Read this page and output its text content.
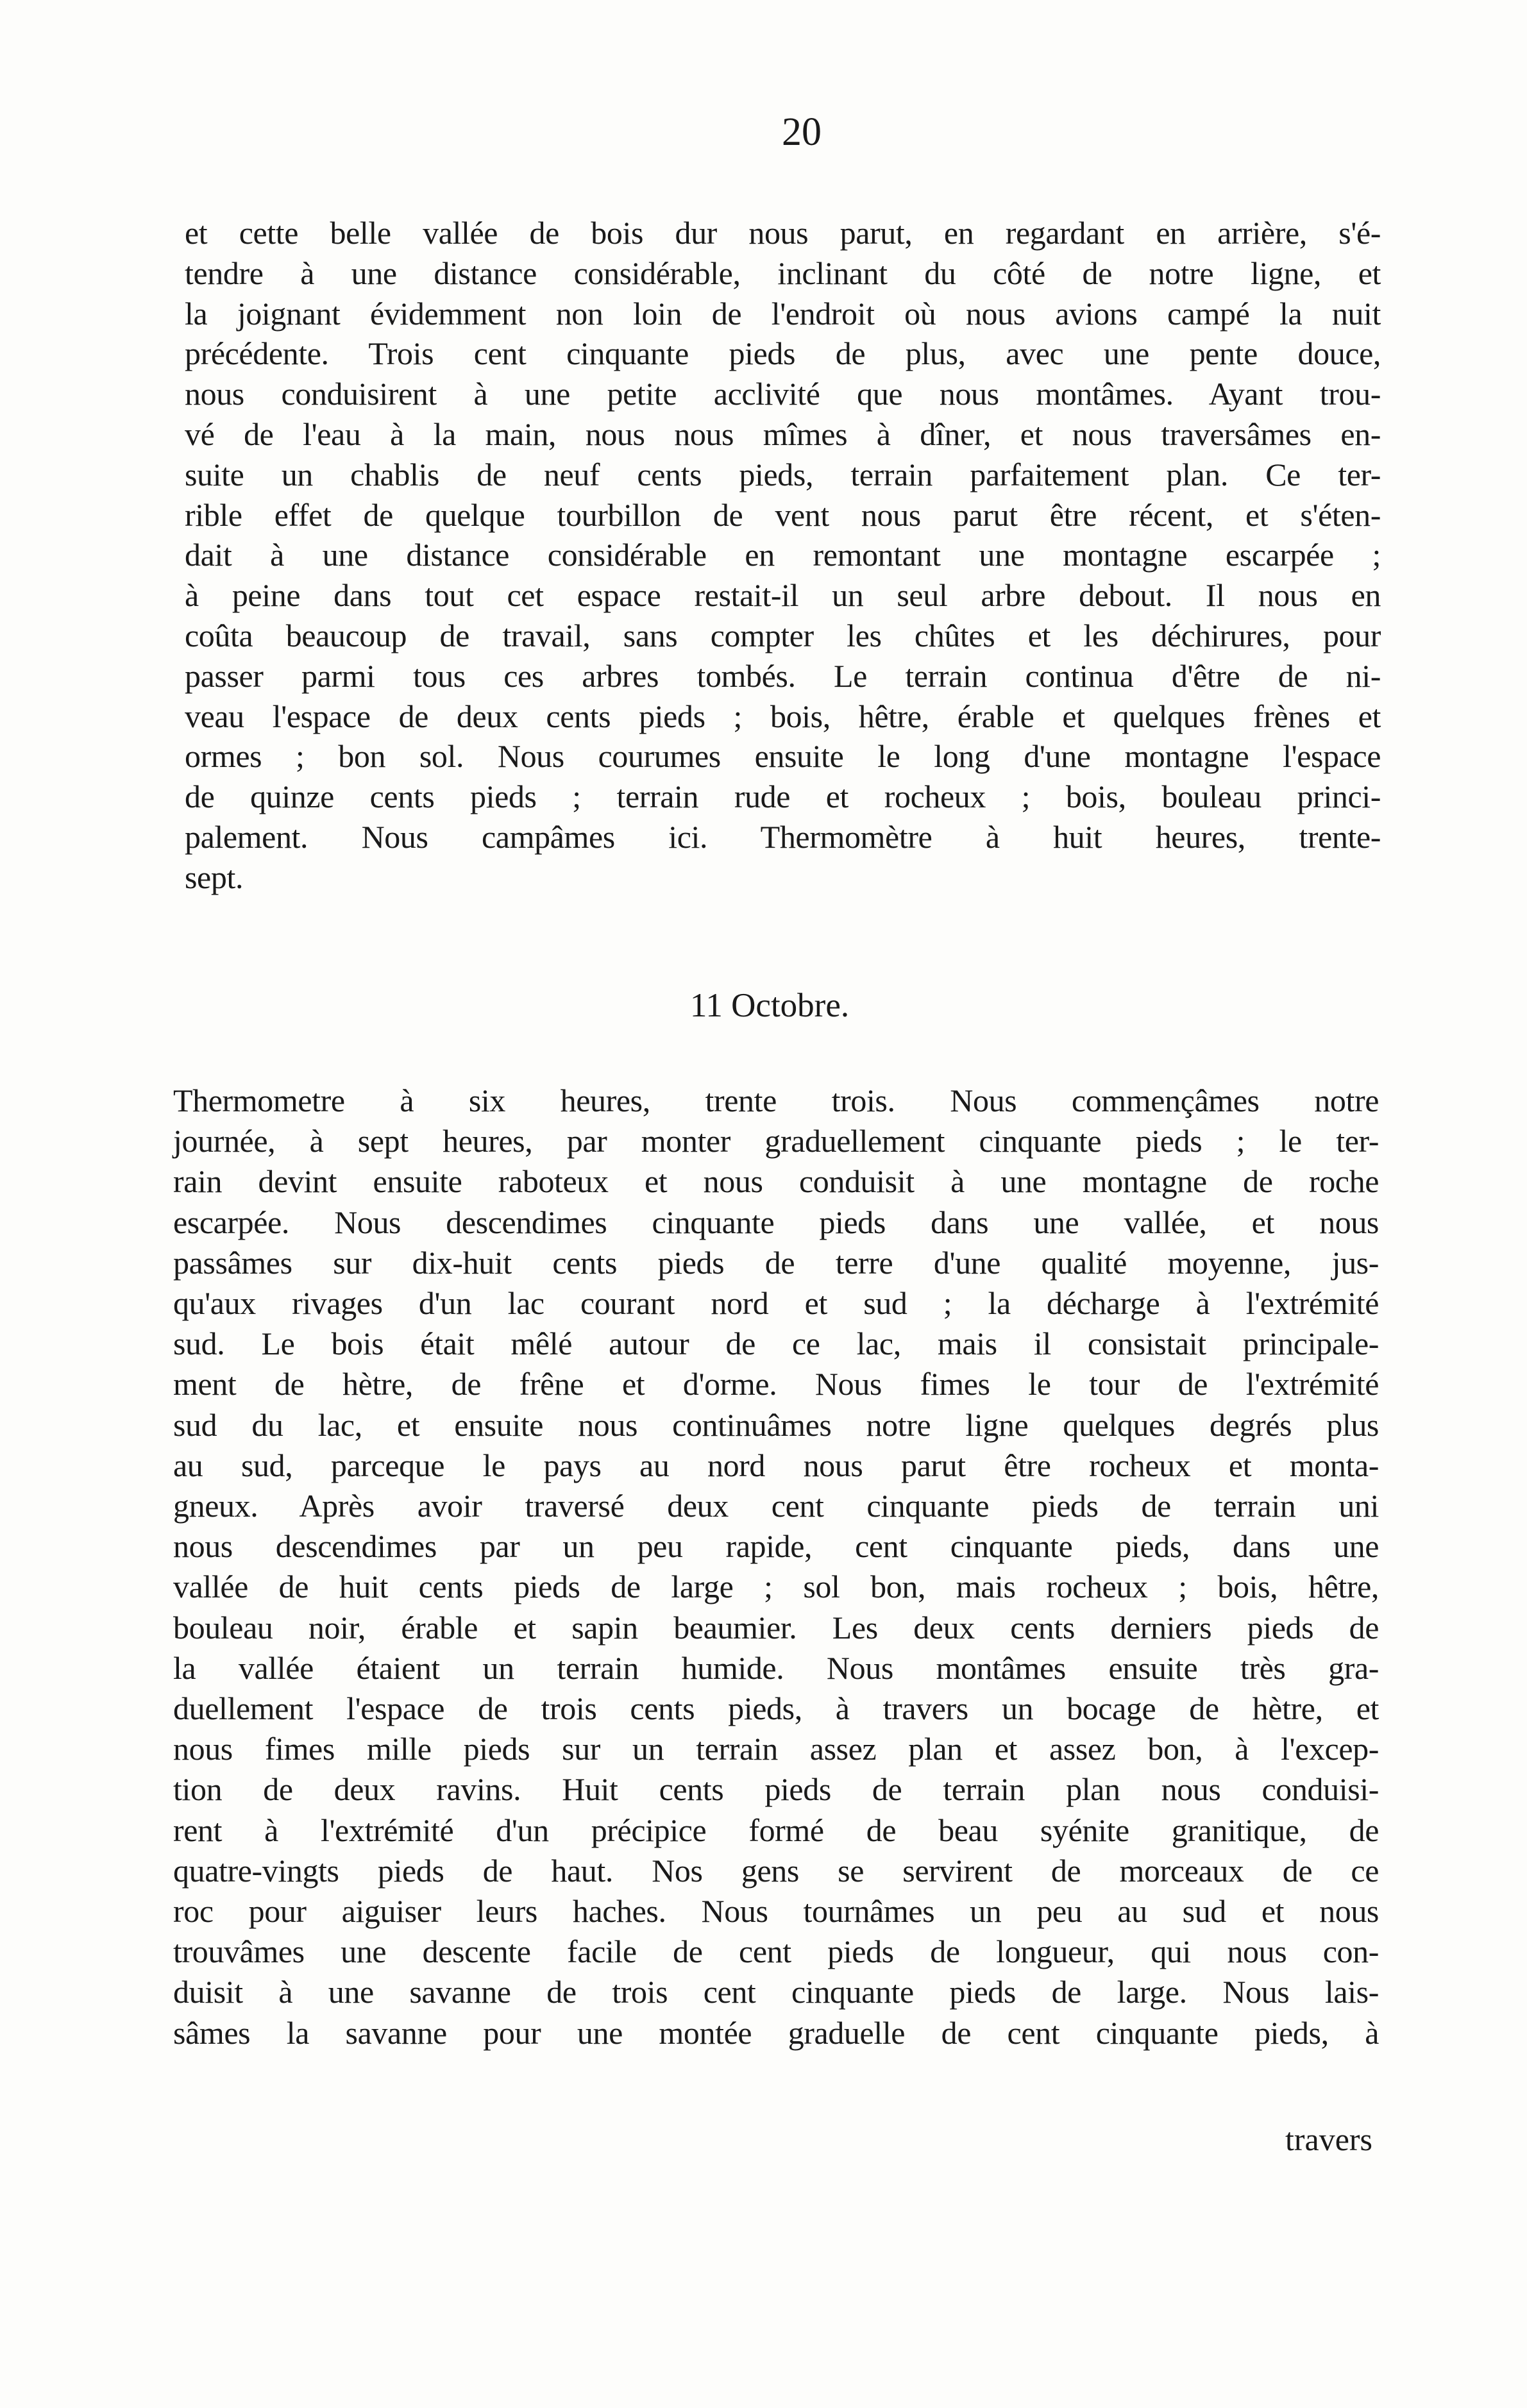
20
et cette belle vallée de bois dur nous parut, en regardant en arrière, s'é-
tendre à une distance considérable, inclinant du côté de notre ligne, et
la joignant évidemment non loin de l'endroit où nous avions campé la nuit
précédente. Trois cent cinquante pieds de plus, avec une pente douce,
nous conduisirent à une petite acclivité que nous montâmes. Ayant trou-
vé de l'eau à la main, nous nous mîmes à dîner, et nous traversâmes en-
suite un chablis de neuf cents pieds, terrain parfaitement plan. Ce ter-
rible effet de quelque tourbillon de vent nous parut être récent, et s'éten-
dait à une distance considérable en remontant une montagne escarpée ;
à peine dans tout cet espace restait-il un seul arbre debout. Il nous en
coûta beaucoup de travail, sans compter les chûtes et les déchirures, pour
passer parmi tous ces arbres tombés. Le terrain continua d'être de ni-
veau l'espace de deux cents pieds ; bois, hêtre, érable et quelques frènes et
ormes ; bon sol. Nous courumes ensuite le long d'une montagne l'espace
de quinze cents pieds ; terrain rude et rocheux ; bois, bouleau princi-
palement. Nous campâmes ici. Thermomètre à huit heures, trente-
sept.
11 Octobre.
Thermometre à six heures, trente trois. Nous commençâmes notre
journée, à sept heures, par monter graduellement cinquante pieds ; le ter-
rain devint ensuite raboteux et nous conduisit à une montagne de roche
escarpée. Nous descendimes cinquante pieds dans une vallée, et nous
passâmes sur dix-huit cents pieds de terre d'une qualité moyenne, jus-
qu'aux rivages d'un lac courant nord et sud ; la décharge à l'extrémité
sud. Le bois était mêlé autour de ce lac, mais il consistait principale-
ment de hètre, de frêne et d'orme. Nous fimes le tour de l'extrémité
sud du lac, et ensuite nous continuâmes notre ligne quelques degrés plus
au sud, parceque le pays au nord nous parut être rocheux et monta-
gneux. Après avoir traversé deux cent cinquante pieds de terrain uni
nous descendimes par un peu rapide, cent cinquante pieds, dans une
vallée de huit cents pieds de large ; sol bon, mais rocheux ; bois, hêtre,
bouleau noir, érable et sapin beaumier. Les deux cents derniers pieds de
la vallée étaient un terrain humide. Nous montâmes ensuite très gra-
duellement l'espace de trois cents pieds, à travers un bocage de hètre, et
nous fimes mille pieds sur un terrain assez plan et assez bon, à l'excep-
tion de deux ravins. Huit cents pieds de terrain plan nous conduisi-
rent à l'extrémité d'un précipice formé de beau syénite granitique, de
quatre-vingts pieds de haut. Nos gens se servirent de morceaux de ce
roc pour aiguiser leurs haches. Nous tournâmes un peu au sud et nous
trouvâmes une descente facile de cent pieds de longueur, qui nous con-
duisit à une savanne de trois cent cinquante pieds de large. Nous lais-
sâmes la savanne pour une montée graduelle de cent cinquante pieds, à
travers
